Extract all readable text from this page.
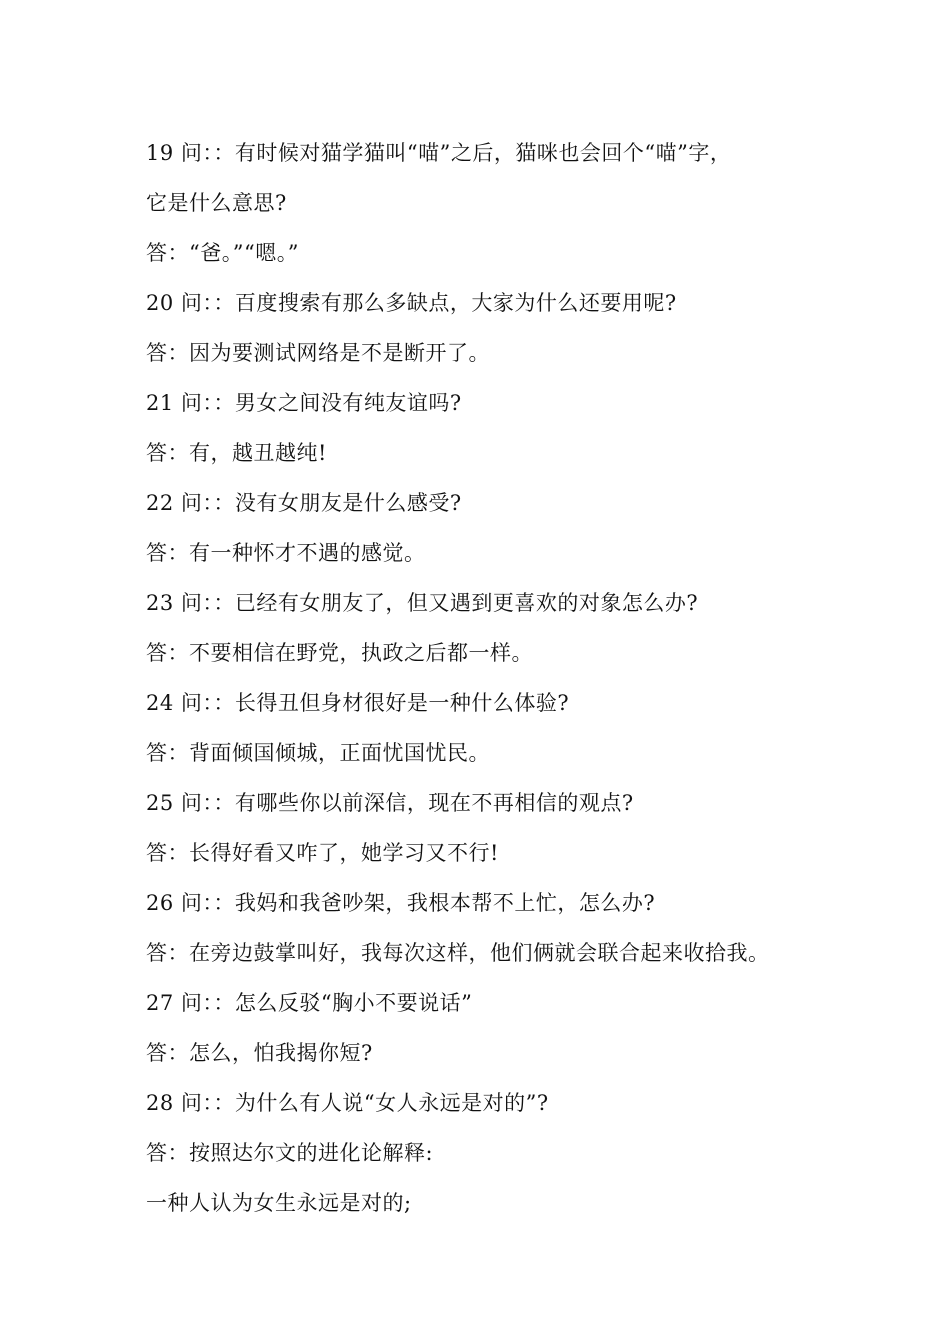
19 问：：有时候对猫学猫叫“喵”之后，猫咪也会回个“喵”字，
它是什么意思?
答：“爸。”“嗯。”
20 问：：百度搜索有那么多缺点，大家为什么还要用呢?
答：因为要测试网络是不是断开了。
21 问：：男女之间没有纯友谊吗?
答：有，越丑越纯!
22 问：：没有女朋友是什么感受?
答：有一种怀才不遇的感觉。
23 问：：已经有女朋友了，但又遇到更喜欢的对象怎么办?
答：不要相信在野党，执政之后都一样。
24 问：：长得丑但身材很好是一种什么体验?
答：背面倾国倾城，正面忧国忧民。
25 问：：有哪些你以前深信，现在不再相信的观点?
答：长得好看又咋了，她学习又不行!
26 问：：我妈和我爸吵架，我根本帮不上忙，怎么办?
答：在旁边鼓掌叫好，我每次这样，他们俩就会联合起来收拾我。
27 问：：怎么反驳“胸小不要说话”
答：怎么，怕我揭你短?
28 问：：为什么有人说“女人永远是对的”?
答：按照达尔文的进化论解释:
一种人认为女生永远是对的;
